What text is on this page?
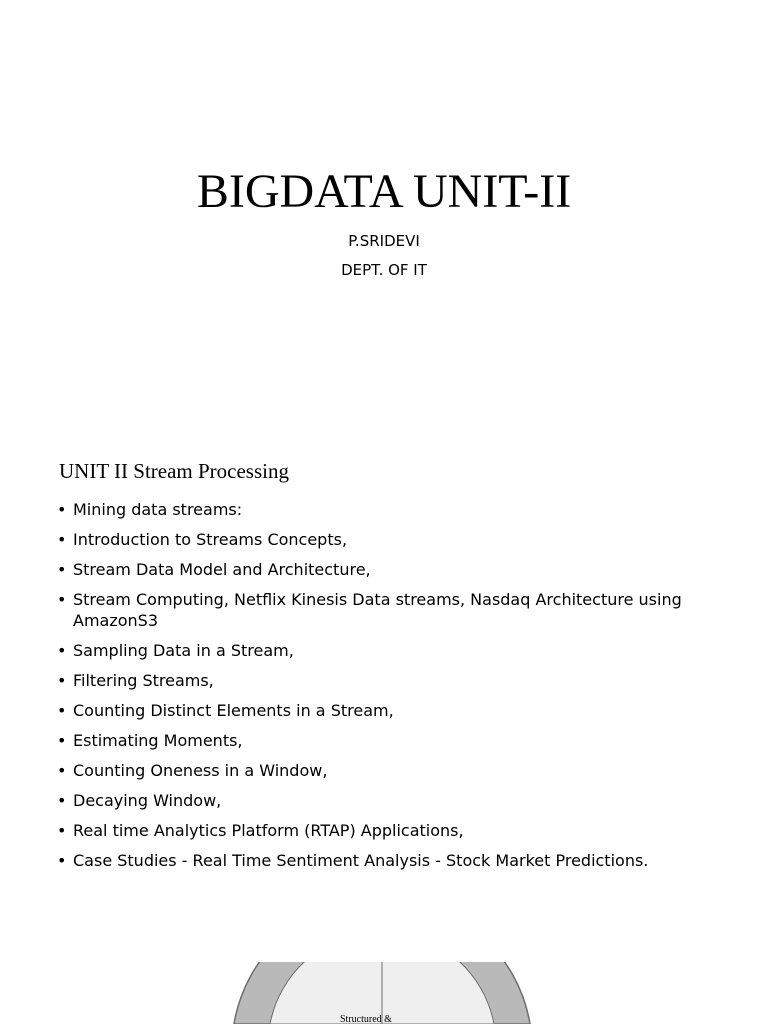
BIGDATA UNIT-II
P.SRIDEVI
DEPT. OF IT
UNIT II Stream Processing
• Mining data streams:
• Introduction to Streams Concepts,
• Stream Data Model and Architecture,
• Stream Computing, Netflix Kinesis Data streams, Nasdaq Architecture using AmazonS3
• Sampling Data in a Stream,
• Filtering Streams,
• Counting Distinct Elements in a Stream,
• Estimating Moments,
• Counting Oneness in a Window,
• Decaying Window,
• Real time Analytics Platform (RTAP) Applications,
• Case Studies - Real Time Sentiment Analysis - Stock Market Predictions.
Structured &
